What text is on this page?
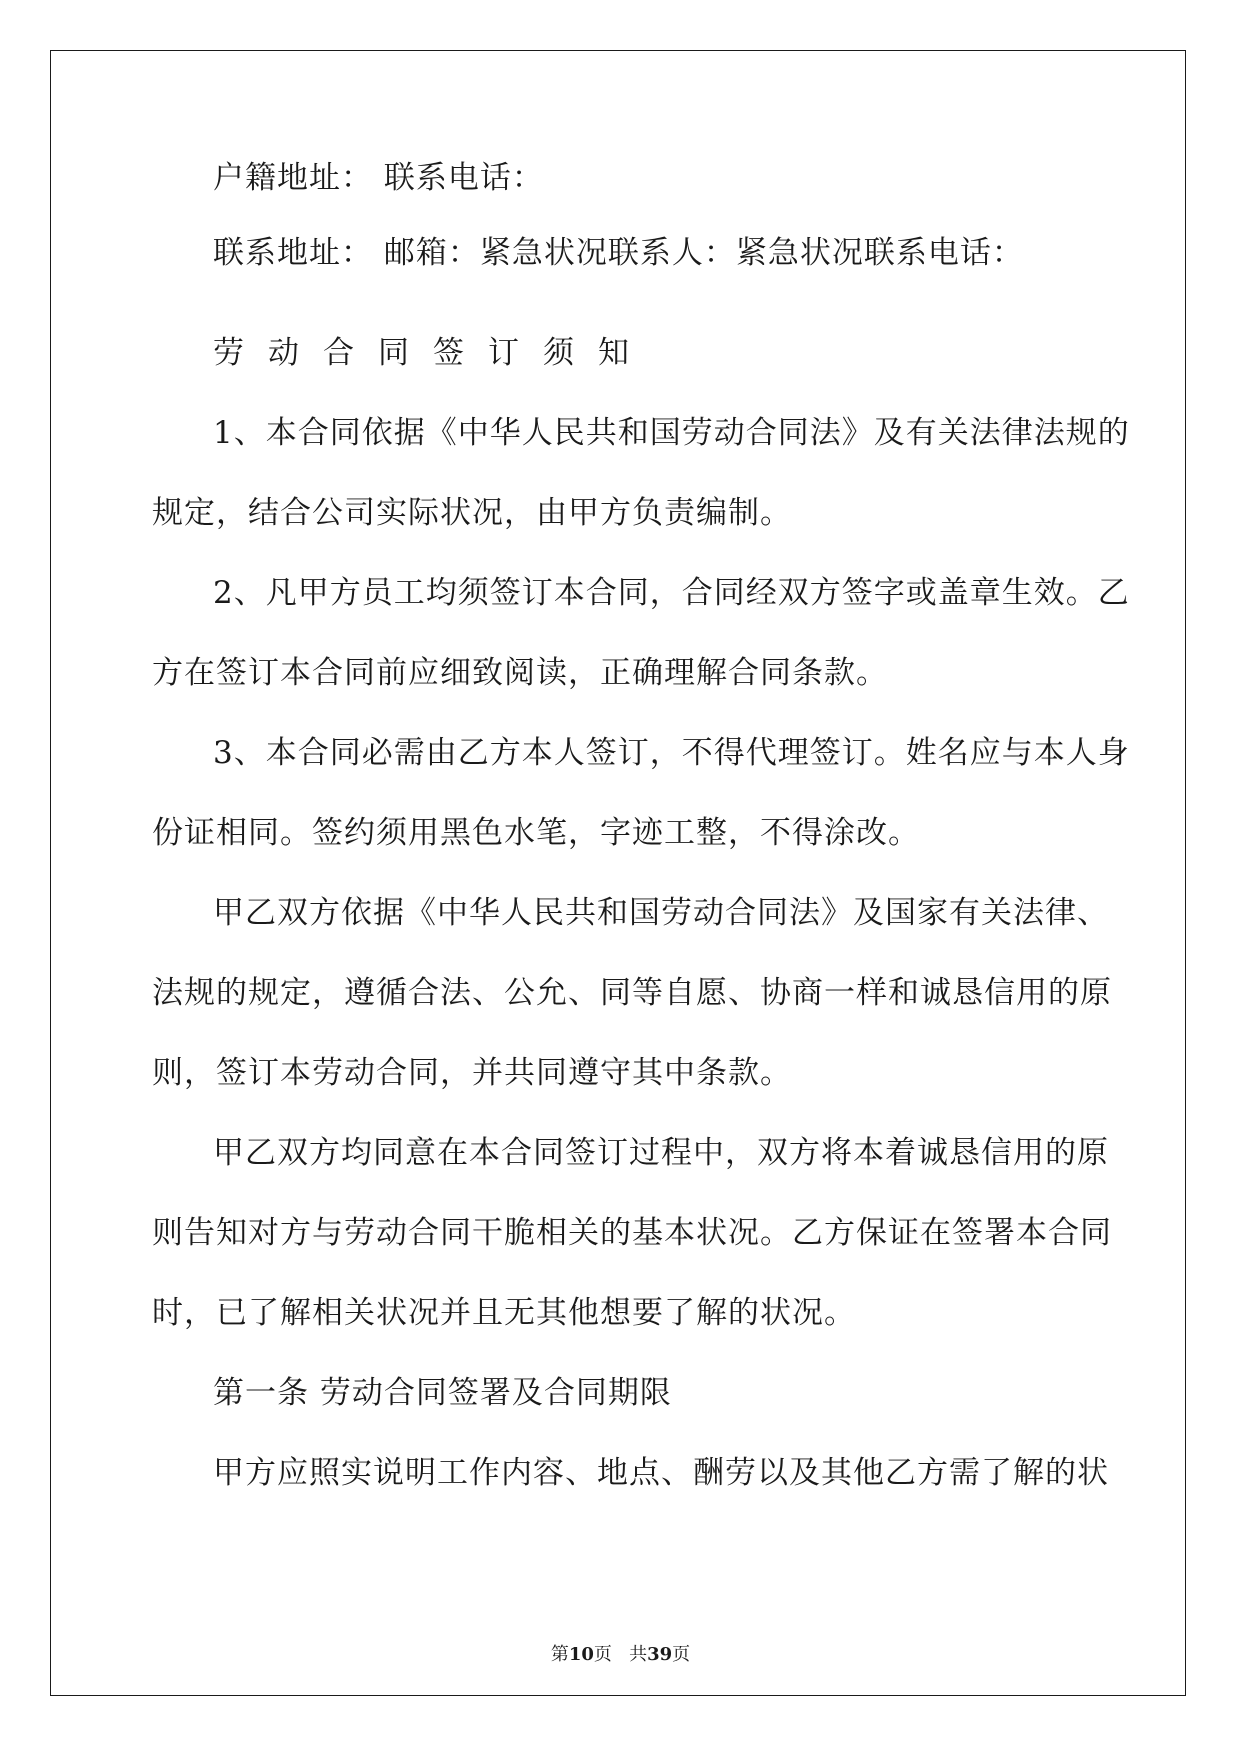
户籍地址： 联系电话：
联系地址： 邮箱：紧急状况联系人：紧急状况联系电话：
劳动合同签订须知
1、本合同依据《中华人民共和国劳动合同法》及有关法律法规的
规定，结合公司实际状况，由甲方负责编制。
2、凡甲方员工均须签订本合同，合同经双方签字或盖章生效。乙
方在签订本合同前应细致阅读，正确理解合同条款。
3、本合同必需由乙方本人签订，不得代理签订。姓名应与本人身
份证相同。签约须用黑色水笔，字迹工整，不得涂改。
甲乙双方依据《中华人民共和国劳动合同法》及国家有关法律、
法规的规定，遵循合法、公允、同等自愿、协商一样和诚恳信用的原
则，签订本劳动合同，并共同遵守其中条款。
甲乙双方均同意在本合同签订过程中，双方将本着诚恳信用的原
则告知对方与劳动合同干脆相关的基本状况。乙方保证在签署本合同
时，已了解相关状况并且无其他想要了解的状况。
第一条 劳动合同签署及合同期限
甲方应照实说明工作内容、地点、酬劳以及其他乙方需了解的状
第10页   共39页
